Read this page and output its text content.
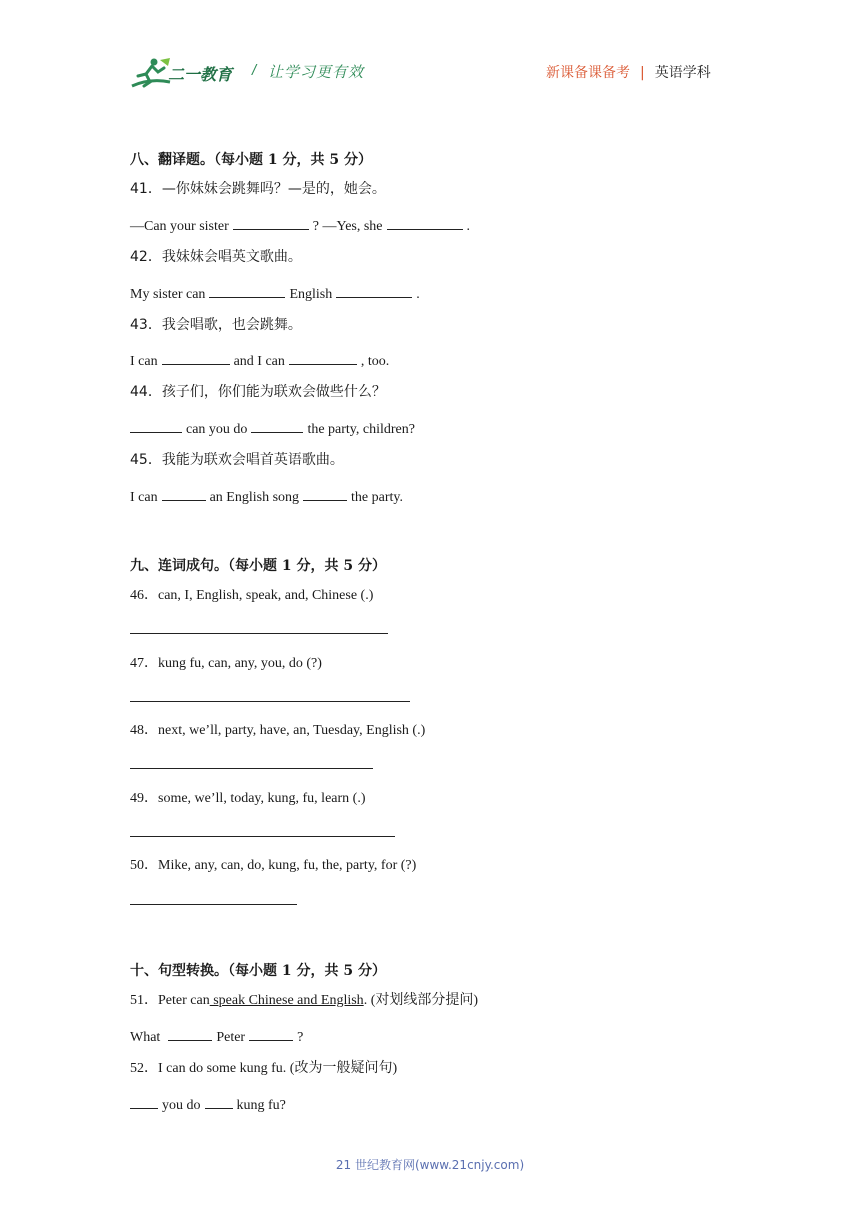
二一教育 / 让学习更有效	新课备课备考 | 英语学科
八、翻译题。（每小题 1 分，共 5 分）
41．—你妹妹会跳舞吗？—是的，她会。
—Can your sister	? —Yes, she	.
42．我妹妹会唱英文歌曲。
My sister can	English	.
43．我会唱歌，也会跳舞。
I can	and I can	, too.
44．孩子们，你们能为联欢会做些什么？
can you do	the party, children?
45．我能为联欢会唱首英语歌曲。
I can	an English song	the party.
九、连词成句。（每小题 1 分，共 5 分）
46．can, I, English, speak, and, Chinese (.)
47．kung fu, can, any, you, do (?)
48．next, we’ll, party, have, an, Tuesday, English (.)
49．some, we’ll, today, kung, fu, learn (.)
50．Mike, any, can, do, kung, fu, the, party, for (?)
十、句型转换。（每小题 1 分，共 5 分）
51．Peter can speak Chinese and English. (对划线部分提问)
What	Peter	?
52．I can do some kung fu. (改为一般疑问句)
you do	kung fu?
21 世纪教育网(www.21cnjy.com)
